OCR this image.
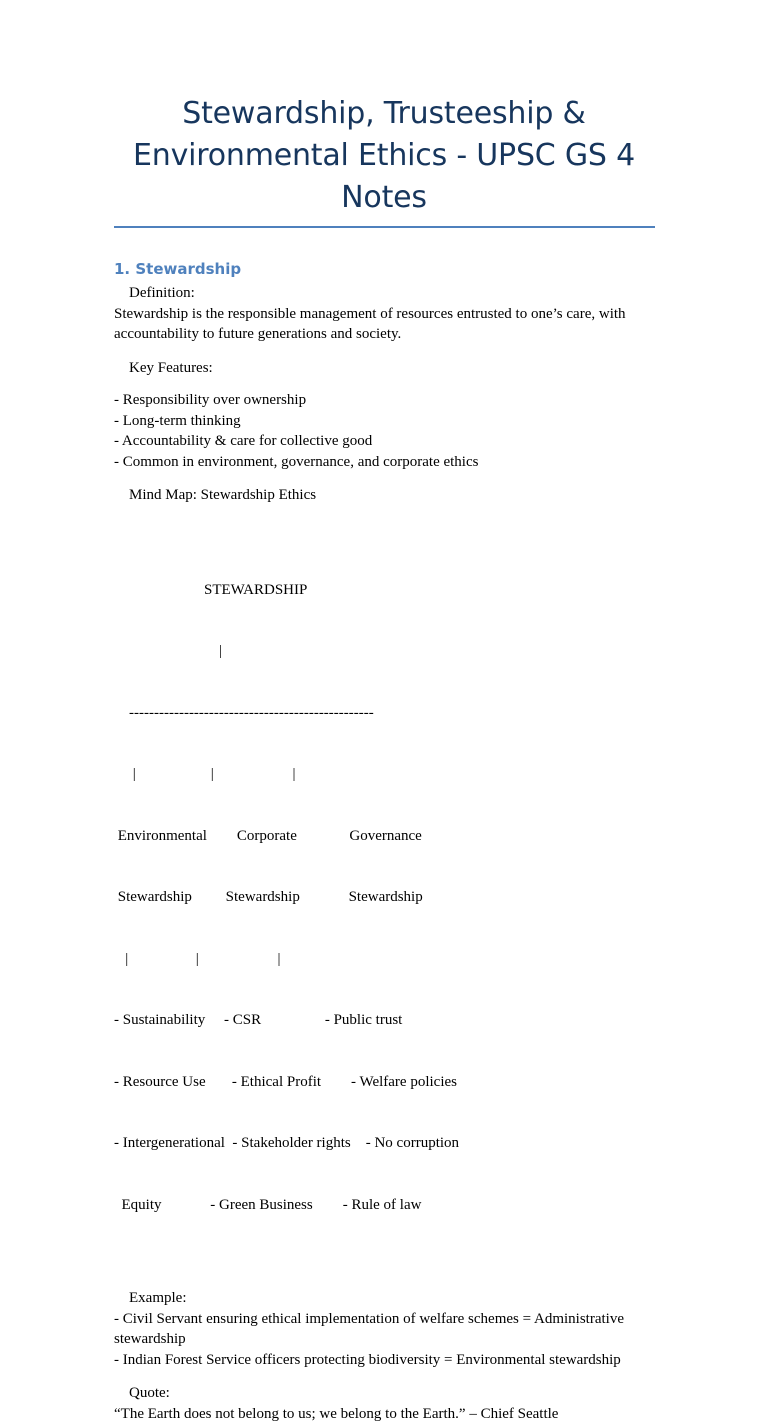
Stewardship, Trusteeship &
Environmental Ethics - UPSC GS 4 Notes
1. Stewardship

Definition:

Stewardship is the responsible management of resources entrusted to one’s care, with accountability to future generations and society.

Key Features:

- Responsibility over ownership
- Long-term thinking
- Accountability & care for collective good
- Common in environment, governance, and corporate ethics

Mind Map: Stewardship Ethics

STEWARDSHIP

|

-------------------------------------------------

|                    |                     |

Environmental        Corporate              Governance

Stewardship         Stewardship             Stewardship

|                  |                     |

- Sustainability     - CSR                 - Public trust

- Resource Use       - Ethical Profit        - Welfare policies

- Intergenerational  - Stakeholder rights    - No corruption

Equity             - Green Business        - Rule of law

Example:

- Civil Servant ensuring ethical implementation of welfare schemes = Administrative stewardship
- Indian Forest Service officers protecting biodiversity = Environmental stewardship

Quote:

“The Earth does not belong to us; we belong to the Earth.” – Chief Seattle
